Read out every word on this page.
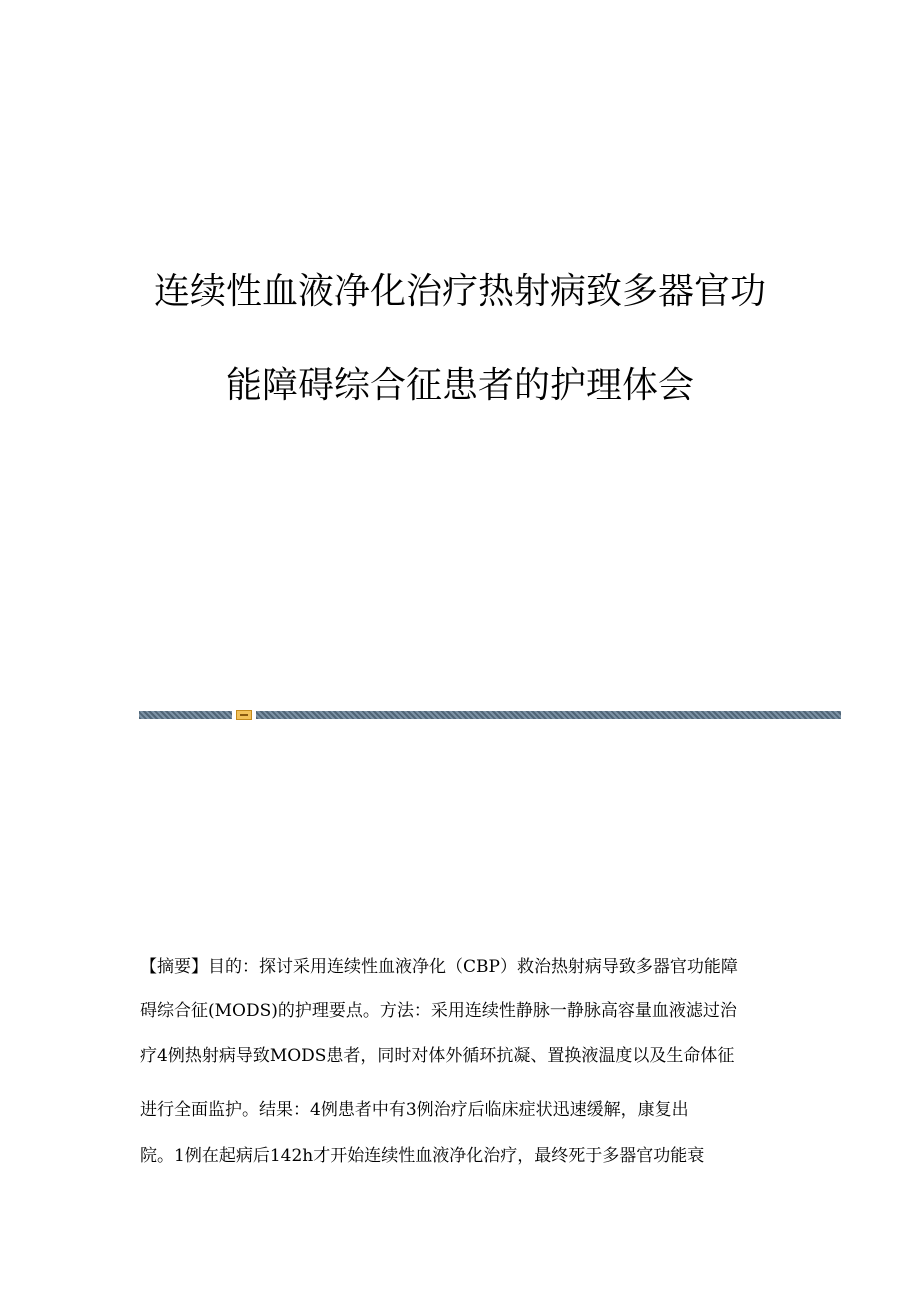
连续性血液净化治疗热射病致多器官功
能障碍综合征患者的护理体会
【摘要】目的：探讨采用连续性血液净化（CBP）救治热射病导致多器官功能障
碍综合征(MODS)的护理要点。方法：采用连续性静脉一静脉高容量血液滤过治
疗4例热射病导致MODS患者，同时对体外循环抗凝、置换液温度以及生命体征
进行全面监护。结果：4例患者中有3例治疗后临床症状迅速缓解，康复出
院。1例在起病后142h才开始连续性血液净化治疗，最终死于多器官功能衰
